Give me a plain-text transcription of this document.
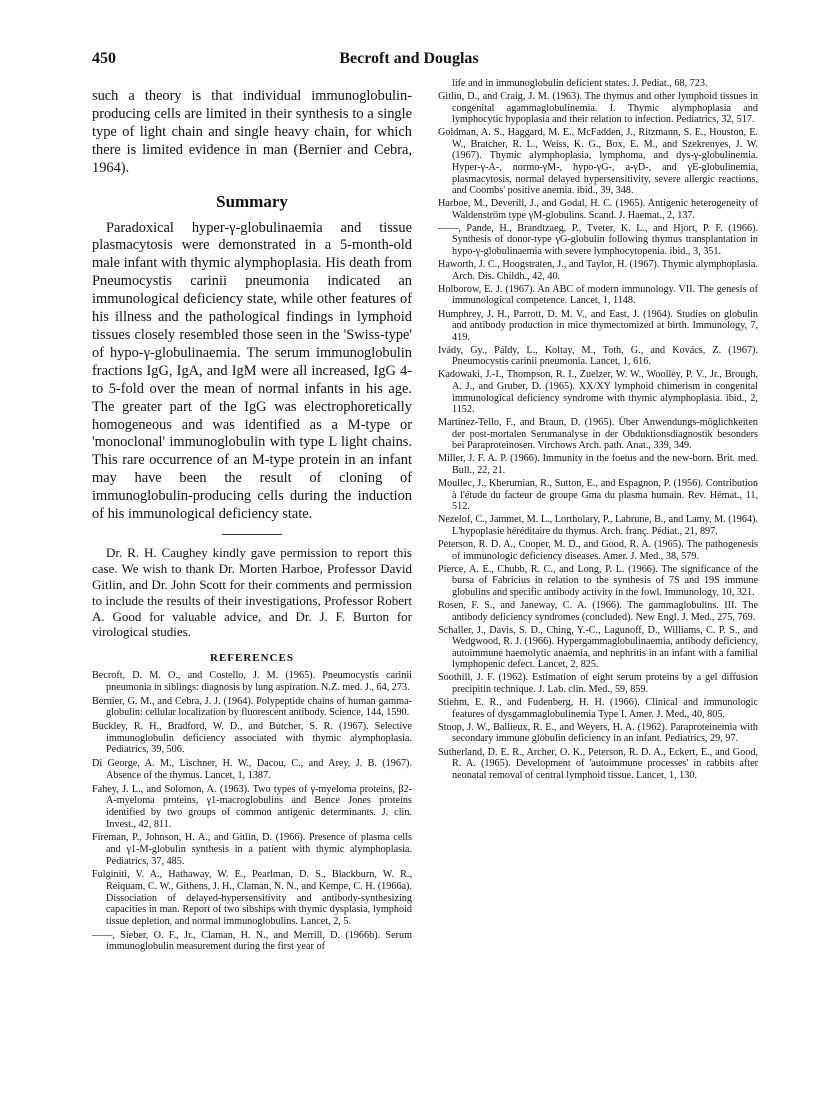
450	Becroft and Douglas

such a theory is that individual immunoglobulin-producing cells are limited in their synthesis to a single type of light chain and single heavy chain, for which there is limited evidence in man (Bernier and Cebra, 1964).

Summary

Paradoxical hyper-γ-globulinaemia and tissue plasmacytosis were demonstrated in a 5-month-old male infant with thymic alymphoplasia. His death from Pneumocystis carinii pneumonia indicated an immunological deficiency state, while other features of his illness and the pathological findings in lymphoid tissues closely resembled those seen in the 'Swiss-type' of hypo-γ-globulinaemia. The serum immunoglobulin fractions IgG, IgA, and IgM were all increased, IgG 4- to 5-fold over the mean of normal infants in his age. The greater part of the IgG was electrophoretically homogeneous and was identified as a M-type or 'monoclonal' immunoglobulin with type L light chains. This rare occurrence of an M-type protein in an infant may have been the result of cloning of immunoglobulin-producing cells during the induction of his immunological deficiency state.

Dr. R. H. Caughey kindly gave permission to report this case. We wish to thank Dr. Morten Harboe, Professor David Gitlin, and Dr. John Scott for their comments and permission to include the results of their investigations, Professor Robert A. Good for valuable advice, and Dr. J. F. Burton for virological studies.

REFERENCES

Becroft, D. M. O., and Costello, J. M. (1965). Pneumocystis carinii pneumonia in siblings: diagnosis by lung aspiration. N.Z. med. J., 64, 273.

Bernier, G. M., and Cebra, J. J. (1964). Polypeptide chains of human gamma-globulin: cellular localization by fluorescent antibody. Science, 144, 1590.

Buckley, R. H., Bradford, W. D., and Butcher, S. R. (1967). Selective immunoglobulin deficiency associated with thymic alymphoplasia. Pediatrics, 39, 506.

Di George, A. M., Lischner, H. W., Dacou, C., and Arey, J. B. (1967). Absence of the thymus. Lancet, 1, 1387.

Fahey, J. L., and Solomon, A. (1963). Two types of γ-myeloma proteins, β2-A-myeloma proteins, γ1-macroglobulins and Bence Jones proteins identified by two groups of common antigenic determinants. J. clin. Invest., 42, 811.

Fireman, P., Johnson, H. A., and Gitlin, D. (1966). Presence of plasma cells and γ1-M-globulin synthesis in a patient with thymic alymphoplasia. Pediatrics, 37, 485.

Fulginiti, V. A., Hathaway, W. E., Pearlman, D. S., Blackburn, W. R., Reiquam, C. W., Githens, J. H., Claman, N. N., and Kempe, C. H. (1966a). Dissociation of delayed-hypersensitivity and antibody-synthesizing capacities in man. Report of two sibships with thymic dysplasia, lymphoid tissue depletion, and normal immunoglobulins. Lancet, 2, 5.

——, Sieber, O. F., Jr., Claman, H. N., and Merrill, D. (1966b). Serum immunoglobulin measurement during the first year of

life and in immunoglobulin deficient states. J. Pediat., 68, 723.

Gitlin, D., and Craig, J. M. (1963). The thymus and other lymphoid tissues in congenital agammaglobulinemia. I. Thymic alymphoplasia and lymphocytic hypoplasia and their relation to infection. Pediatrics, 32, 517.

Goldman, A. S., Haggard, M. E., McFadden, J., Ritzmann, S. E., Houston, E. W., Bratcher, R. L., Weiss, K. G., Box, E. M., and Szekrenyes, J. W. (1967). Thymic alymphoplasia, lymphoma, and dys-γ-globulinemia. Hyper-γ-A-, normo-γM-, hypo-γG-, a-γD-, and γE-globulinemia, plasmacytosis, normal delayed hypersensitivity, severe allergic reactions, and Coombs' positive anemia. ibid., 39, 348.

Harboe, M., Deverill, J., and Godal, H. C. (1965). Antigenic heterogeneity of Waldenström type γM-globulins. Scand. J. Haemat., 2, 137.

——, Pande, H., Brandtzaeg, P., Tveter, K. L., and Hjort, P. F. (1966). Synthesis of donor-type γG-globulin following thymus transplantation in hypo-γ-globulinaemia with severe lymphocytopenia. ibid., 3, 351.

Haworth, J. C., Hoogstraten, J., and Taylor, H. (1967). Thymic alymphoplasia. Arch. Dis. Childh., 42, 40.

Holborow, E. J. (1967). An ABC of modern immunology. VII. The genesis of immunological competence. Lancet, 1, 1148.

Humphrey, J. H., Parrott, D. M. V., and East, J. (1964). Studies on globulin and antibody production in mice thymectomized at birth. Immunology, 7, 419.

Ivády, Gy., Páldy, L., Koltay, M., Toth, G., and Kovács, Z. (1967). Pneumocystis carinii pneumonia. Lancet, 1, 616.

Kadowaki, J.-I., Thompson, R. I., Zuelzer, W. W., Woolley, P. V., Jr., Brough, A. J., and Gruber, D. (1965). XX/XY lymphoid chimerism in congenital immunological deficiency syndrome with thymic alymphoplasia. ibid., 2, 1152.

Martinez-Tello, F., and Braun, D. (1965). Über Anwendungs-möglichkeiten der post-mortalen Serumanalyse in der Obduktionsdiagnostik besonders bei Paraproteinosen. Virchows Arch. path. Anat., 339, 349.

Miller, J. F. A. P. (1966). Immunity in the foetus and the new-born. Brit. med. Bull., 22, 21.

Moullec, J., Kherumian, R., Sutton, E., and Espagnon, P. (1956). Contribution à l'étude du facteur de groupe Gma du plasma humain. Rev. Hémat., 11, 512.

Nezelof, C., Jammet, M. L., Lortholary, P., Labrune, B., and Lamy, M. (1964). L'hypoplasie héréditaire du thymus. Arch. franç. Pédiat., 21, 897.

Peterson, R. D. A., Cooper, M. D., and Good, R. A. (1965). The pathogenesis of immunologic deficiency diseases. Amer. J. Med., 38, 579.

Pierce, A. E., Chubb, R. C., and Long, P. L. (1966). The significance of the bursa of Fabricius in relation to the synthesis of 7S and 19S immune globulins and specific antibody activity in the fowl. Immunology, 10, 321.

Rosen, F. S., and Janeway, C. A. (1966). The gammaglobulins. III. The antibody deficiency syndromes (concluded). New Engl. J. Med., 275, 769.

Schaller, J., Davis, S. D., Ching, Y.-C., Lagunoff, D., Williams, C. P. S., and Wedgwood, R. J. (1966). Hypergammaglobulinaemia, antibody deficiency, autoimmune haemolytic anaemia, and nephritis in an infant with a familial lymphopenic defect. Lancet, 2, 825.

Soothill, J. F. (1962). Estimation of eight serum proteins by a gel diffusion precipitin technique. J. Lab. clin. Med., 59, 859.

Stiehm, E. R., and Fudenberg, H. H. (1966). Clinical and immunologic features of dysgammaglobulinemia Type I. Amer. J. Med., 40, 805.

Stoop, J. W., Ballieux, R. E., and Weyers, H. A. (1962). Paraproteinemia with secondary immune globulin deficiency in an infant. Pediatrics, 29, 97.

Sutherland, D. E. R., Archer, O. K., Peterson, R. D. A., Eckert, E., and Good, R. A. (1965). Development of 'autoimmune processes' in rabbits after neonatal removal of central lymphoid tissue. Lancet, 1, 130.
